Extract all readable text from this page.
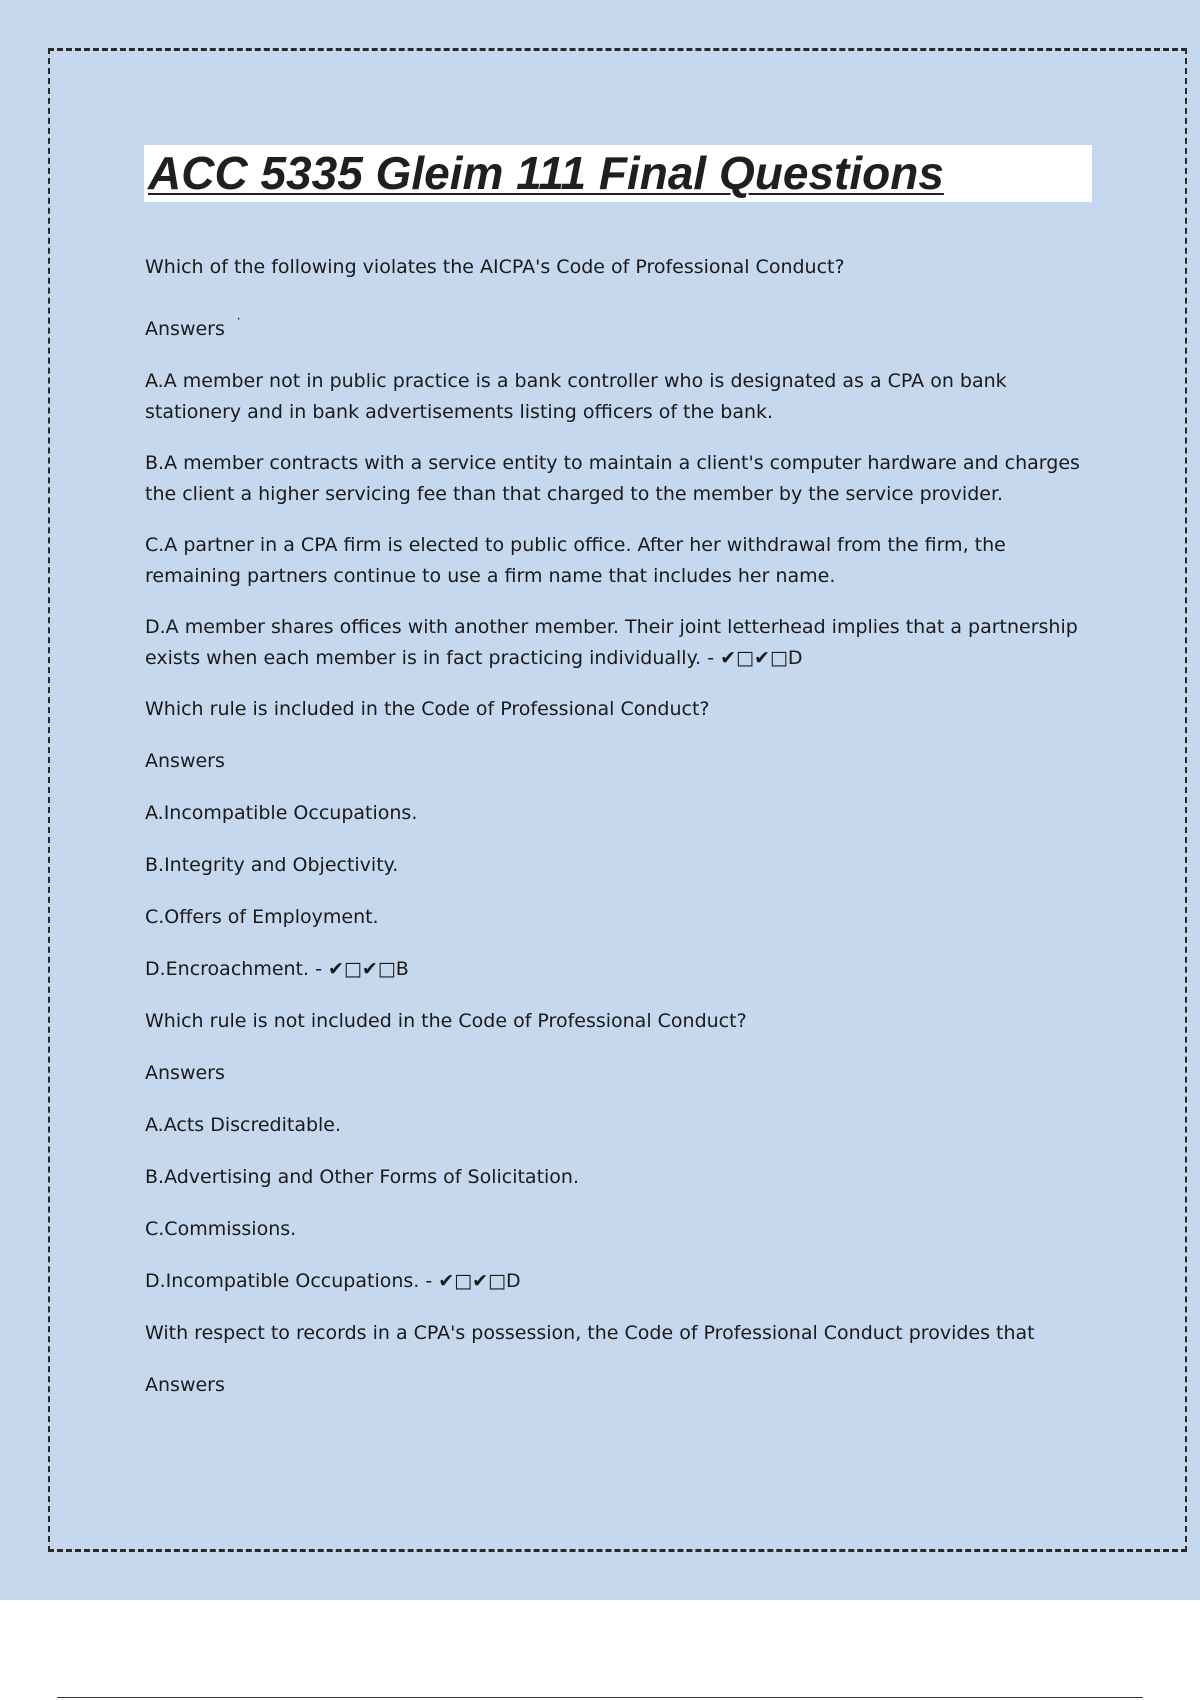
ACC 5335 Gleim 111 Final Questions

Which of the following violates the AICPA's Code of Professional Conduct?

Answers ·

A.A member not in public practice is a bank controller who is designated as a CPA on bank stationery and in bank advertisements listing officers of the bank.

B.A member contracts with a service entity to maintain a client's computer hardware and charges the client a higher servicing fee than that charged to the member by the service provider.

C.A partner in a CPA firm is elected to public office. After her withdrawal from the firm, the remaining partners continue to use a firm name that includes her name.

D.A member shares offices with another member. Their joint letterhead implies that a partnership exists when each member is in fact practicing individually. - ✔□✔□D

Which rule is included in the Code of Professional Conduct?

Answers

A.Incompatible Occupations.

B.Integrity and Objectivity.

C.Offers of Employment.

D.Encroachment. - ✔□✔□B

Which rule is not included in the Code of Professional Conduct?

Answers

A.Acts Discreditable.

B.Advertising and Other Forms of Solicitation.

C.Commissions.

D.Incompatible Occupations. - ✔□✔□D

With respect to records in a CPA's possession, the Code of Professional Conduct provides that

Answers
